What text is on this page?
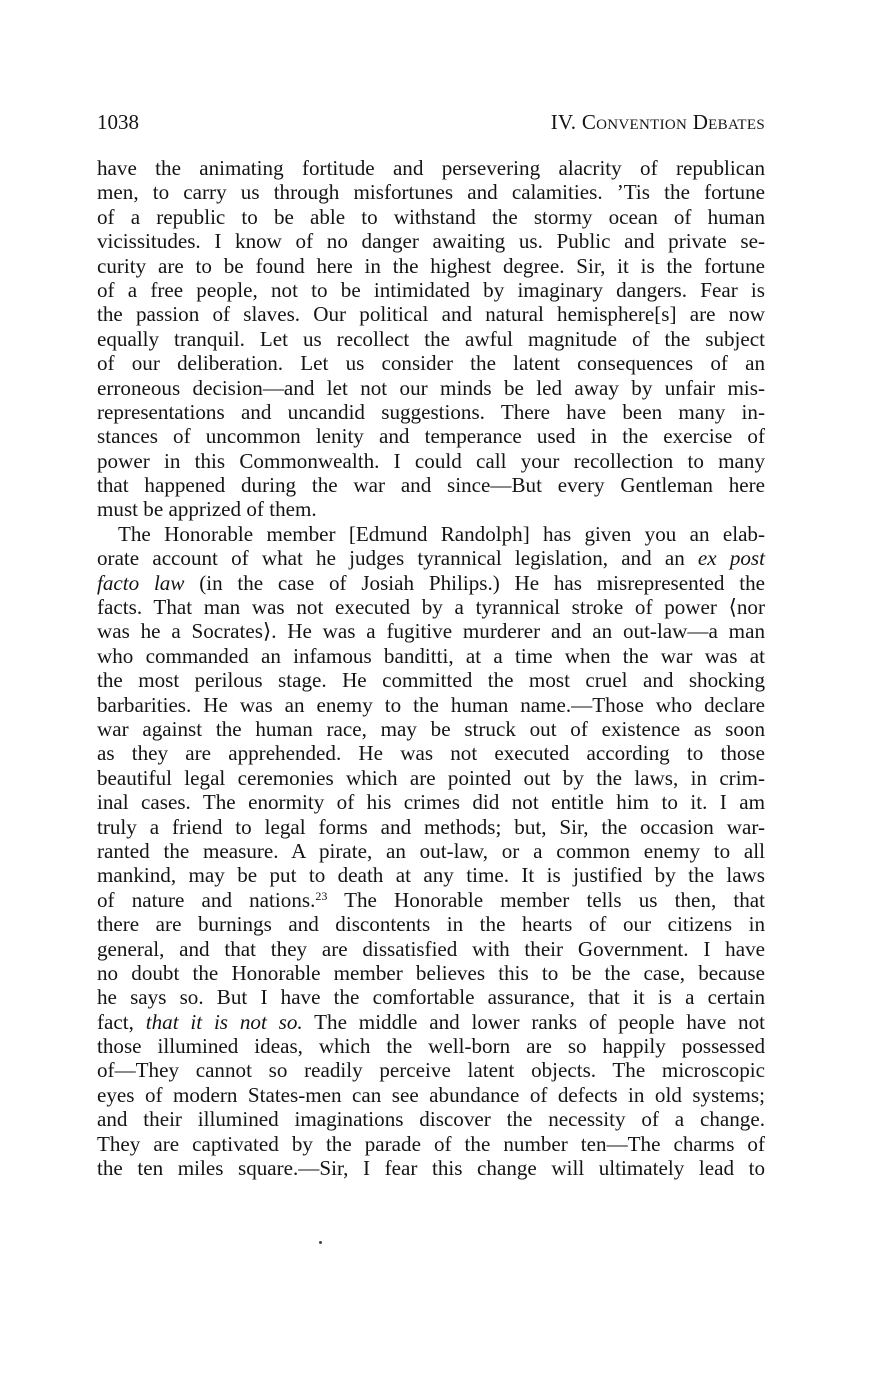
1038	IV. Convention Debates
have the animating fortitude and persevering alacrity of republican
men, to carry us through misfortunes and calamities. ’Tis the fortune
of a republic to be able to withstand the stormy ocean of human
vicissitudes. I know of no danger awaiting us. Public and private se-
curity are to be found here in the highest degree. Sir, it is the fortune
of a free people, not to be intimidated by imaginary dangers. Fear is
the passion of slaves. Our political and natural hemisphere[s] are now
equally tranquil. Let us recollect the awful magnitude of the subject
of our deliberation. Let us consider the latent consequences of an
erroneous decision—and let not our minds be led away by unfair mis-
representations and uncandid suggestions. There have been many in-
stances of uncommon lenity and temperance used in the exercise of
power in this Commonwealth. I could call your recollection to many
that happened during the war and since—But every Gentleman here
must be apprized of them.
The Honorable member [Edmund Randolph] has given you an elab-
orate account of what he judges tyrannical legislation, and an ex post
facto law (in the case of Josiah Philips.) He has misrepresented the
facts. That man was not executed by a tyrannical stroke of power ⟨nor
was he a Socrates⟩. He was a fugitive murderer and an out-law—a man
who commanded an infamous banditti, at a time when the war was at
the most perilous stage. He committed the most cruel and shocking
barbarities. He was an enemy to the human name.—Those who declare
war against the human race, may be struck out of existence as soon
as they are apprehended. He was not executed according to those
beautiful legal ceremonies which are pointed out by the laws, in crim-
inal cases. The enormity of his crimes did not entitle him to it. I am
truly a friend to legal forms and methods; but, Sir, the occasion war-
ranted the measure. A pirate, an out-law, or a common enemy to all
mankind, may be put to death at any time. It is justified by the laws
of nature and nations.$^{23}$ The Honorable member tells us then, that
there are burnings and discontents in the hearts of our citizens in
general, and that they are dissatisfied with their Government. I have
no doubt the Honorable member believes this to be the case, because
he says so. But I have the comfortable assurance, that it is a certain
fact, that it is not so. The middle and lower ranks of people have not
those illumined ideas, which the well-born are so happily possessed
of—They cannot so readily perceive latent objects. The microscopic
eyes of modern States-men can see abundance of defects in old systems;
and their illumined imaginations discover the necessity of a change.
They are captivated by the parade of the number ten—The charms of
the ten miles square.—Sir, I fear this change will ultimately lead to
